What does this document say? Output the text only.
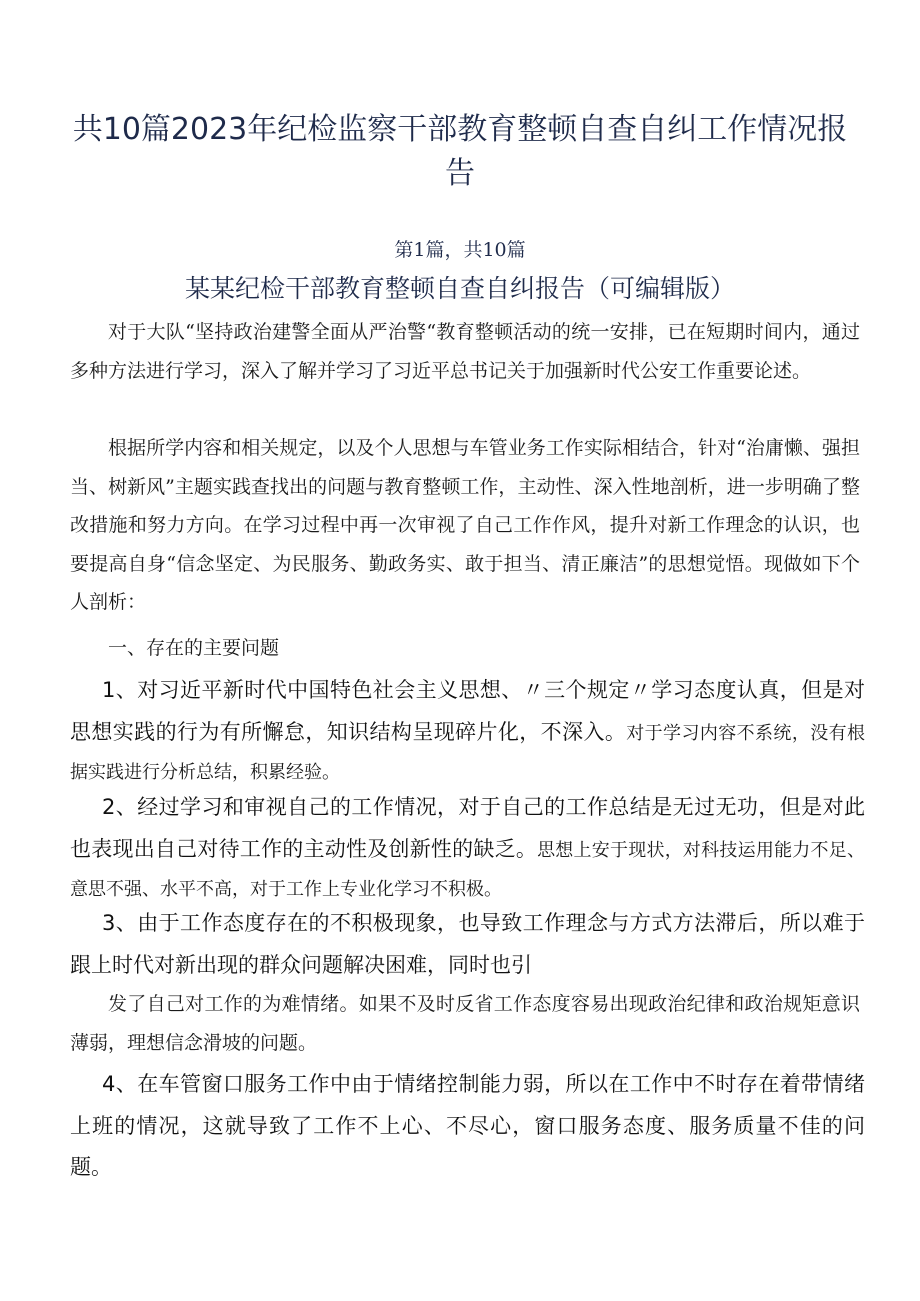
共10篇2023年纪检监察干部教育整顿自查自纠工作情况报告
第1篇，共10篇
某某纪检干部教育整顿自查自纠报告（可编辑版）

对于大队“坚持政治建警全面从严治警“教育整顿活动的统一安排，已在短期时间内，通过多种方法进行学习，深入了解并学习了习近平总书记关于加强新时代公安工作重要论述。

根据所学内容和相关规定，以及个人思想与车管业务工作实际相结合，针对“治庸懒、强担当、树新风”主题实践查找出的问题与教育整顿工作，主动性、深入性地剖析，进一步明确了整改措施和努力方向。在学习过程中再一次审视了自己工作作风，提升对新工作理念的认识，也要提高自身“信念坚定、为民服务、勤政务实、敢于担当、清正廉洁”的思想觉悟。现做如下个人剖析：

一、存在的主要问题

1、对习近平新时代中国特色社会主义思想、〃三个规定〃学习态度认真，但是对思想实践的行为有所懈怠，知识结构呈现碎片化，不深入。对于学习内容不系统，没有根据实践进行分析总结，积累经验。

2、经过学习和审视自己的工作情况，对于自己的工作总结是无过无功，但是对此也表现出自己对待工作的主动性及创新性的缺乏。思想上安于现状，对科技运用能力不足、意思不强、水平不高，对于工作上专业化学习不积极。

3、由于工作态度存在的不积极现象，也导致工作理念与方式方法滞后，所以难于跟上时代对新出现的群众问题解决困难，同时也引

发了自己对工作的为难情绪。如果不及时反省工作态度容易出现政治纪律和政治规矩意识薄弱，理想信念滑坡的问题。

4、在车管窗口服务工作中由于情绪控制能力弱，所以在工作中不时存在着带情绪上班的情况，这就导致了工作不上心、不尽心，窗口服务态度、服务质量不佳的问题。
